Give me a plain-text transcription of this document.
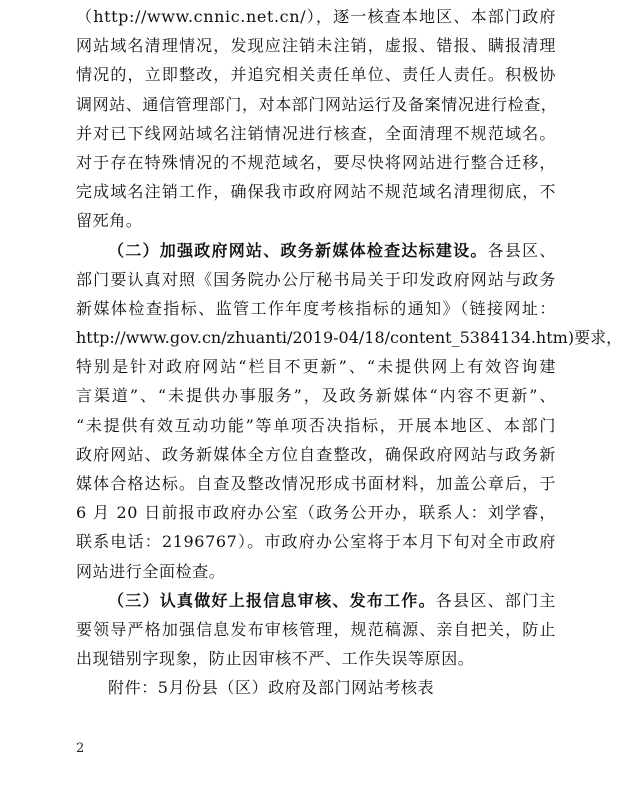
（http://www.cnnic.net.cn/），逐一核查本地区、本部门政府
网站域名清理情况，发现应注销未注销，虚报、错报、瞒报清理
情况的，立即整改，并追究相关责任单位、责任人责任。积极协
调网站、通信管理部门，对本部门网站运行及备案情况进行检查，
并对已下线网站域名注销情况进行核查，全面清理不规范域名。
对于存在特殊情况的不规范域名，要尽快将网站进行整合迁移，
完成域名注销工作，确保我市政府网站不规范域名清理彻底，不
留死角。
（二）加强政府网站、政务新媒体检查达标建设。各县区、
部门要认真对照《国务院办公厅秘书局关于印发政府网站与政务
新媒体检查指标、监管工作年度考核指标的通知》（链接网址：
http://www.gov.cn/zhuanti/2019-04/18/content_5384134.htm)要求，
特别是针对政府网站“栏目不更新”、“未提供网上有效咨询建
言渠道”、“未提供办事服务”，及政务新媒体“内容不更新”、
“未提供有效互动功能”等单项否决指标，开展本地区、本部门
政府网站、政务新媒体全方位自查整改，确保政府网站与政务新
媒体合格达标。自查及整改情况形成书面材料，加盖公章后，于
6 月 20 日前报市政府办公室（政务公开办，联系人：刘学睿，
联系电话：2196767）。市政府办公室将于本月下旬对全市政府
网站进行全面检查。
（三）认真做好上报信息审核、发布工作。各县区、部门主
要领导严格加强信息发布审核管理，规范稿源、亲自把关，防止
出现错别字现象，防止因审核不严、工作失误等原因。
附件：5月份县（区）政府及部门网站考核表
2
